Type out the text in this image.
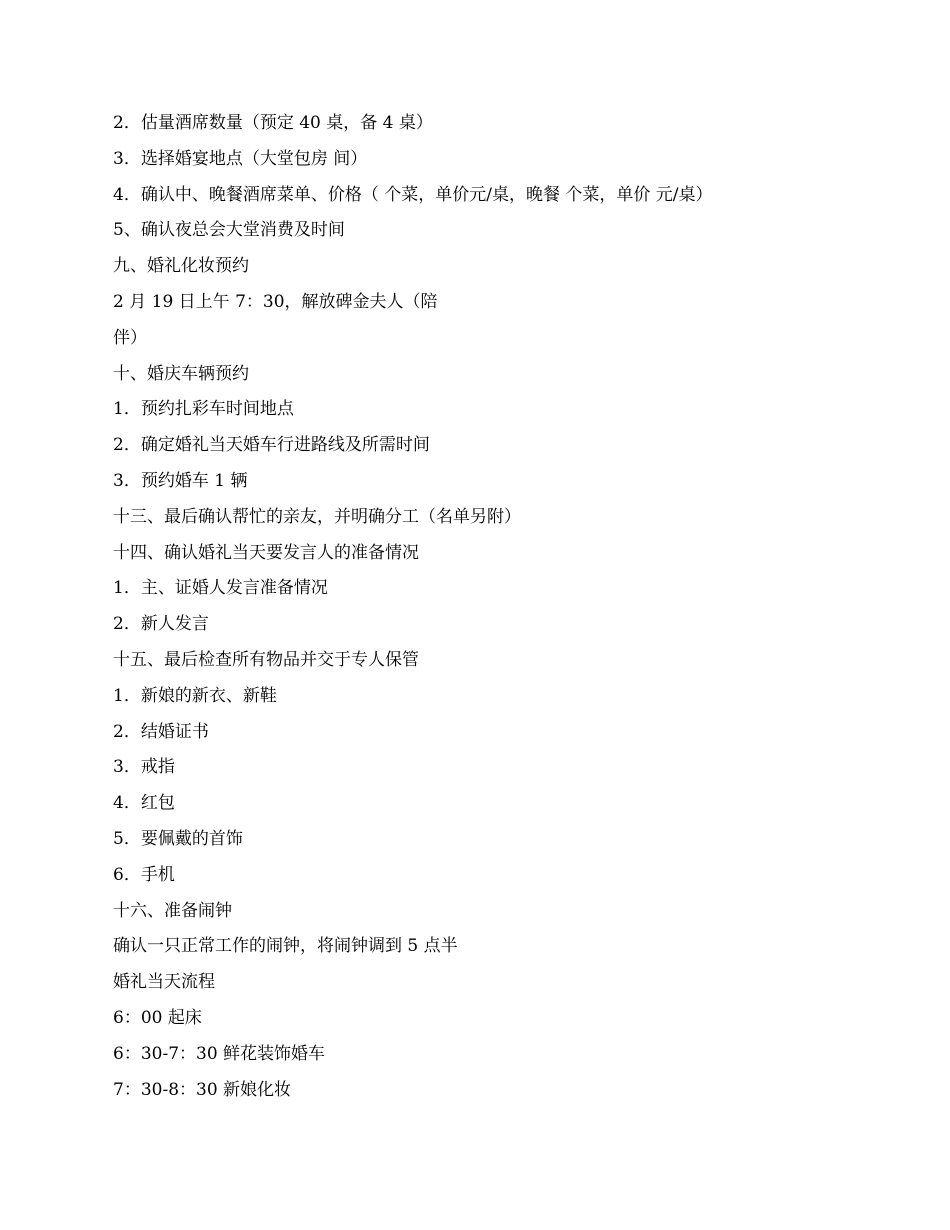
2．估量酒席数量（预定 40 桌，备 4 桌）

3．选择婚宴地点（大堂包房 间）

4．确认中、晚餐酒席菜单、价格（ 个菜，单价元/桌，晚餐 个菜，单价 元/桌）

5、确认夜总会大堂消费及时间

九、婚礼化妆预约

2 月 19 日上午 7：30，解放碑金夫人（陪

伴）

十、婚庆车辆预约

1．预约扎彩车时间地点

2．确定婚礼当天婚车行进路线及所需时间

3．预约婚车 1 辆

十三、最后确认帮忙的亲友，并明确分工（名单另附）

十四、确认婚礼当天要发言人的准备情况

1．主、证婚人发言准备情况

2．新人发言

十五、最后检查所有物品并交于专人保管

1．新娘的新衣、新鞋

2．结婚证书

3．戒指

4．红包

5．要佩戴的首饰

6．手机

十六、准备闹钟

确认一只正常工作的闹钟，将闹钟调到 5 点半

婚礼当天流程

6：00 起床

6：30-7：30 鲜花装饰婚车

7：30-8：30 新娘化妆
